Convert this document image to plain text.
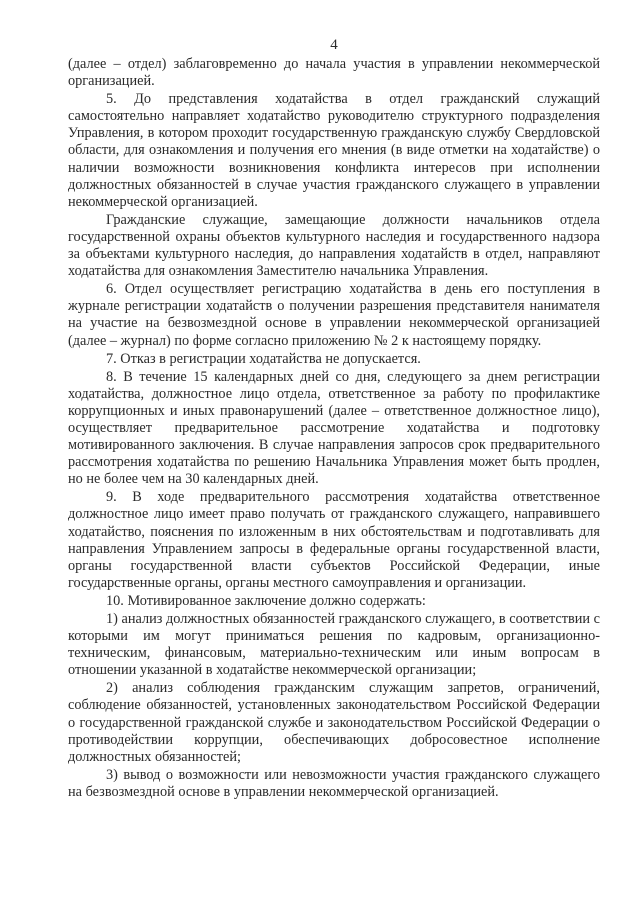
4

(далее – отдел) заблаговременно до начала участия в управлении некоммерческой организацией.

5. До представления ходатайства в отдел гражданский служащий самостоятельно направляет ходатайство руководителю структурного подразделения Управления, в котором проходит государственную гражданскую службу Свердловской области, для ознакомления и получения его мнения (в виде отметки на ходатайстве) о наличии возможности возникновения конфликта интересов при исполнении должностных обязанностей в случае участия гражданского служащего в управлении некоммерческой организацией.

Гражданские служащие, замещающие должности начальников отдела государственной охраны объектов культурного наследия и государственного надзора за объектами культурного наследия, до направления ходатайств в отдел, направляют ходатайства для ознакомления Заместителю начальника Управления.

6. Отдел осуществляет регистрацию ходатайства в день его поступления в журнале регистрации ходатайств о получении разрешения представителя нанимателя на участие на безвозмездной основе в управлении некоммерческой организацией (далее – журнал) по форме согласно приложению № 2 к настоящему порядку.

7. Отказ в регистрации ходатайства не допускается.

8. В течение 15 календарных дней со дня, следующего за днем регистрации ходатайства, должностное лицо отдела, ответственное за работу по профилактике коррупционных и иных правонарушений (далее – ответственное должностное лицо), осуществляет предварительное рассмотрение ходатайства и подготовку мотивированного заключения. В случае направления запросов срок предварительного рассмотрения ходатайства по решению Начальника Управления может быть продлен, но не более чем на 30 календарных дней.

9. В ходе предварительного рассмотрения ходатайства ответственное должностное лицо имеет право получать от гражданского служащего, направившего ходатайство, пояснения по изложенным в них обстоятельствам и подготавливать для направления Управлением запросы в федеральные органы государственной власти, органы государственной власти субъектов Российской Федерации, иные государственные органы, органы местного самоуправления и организации.

10. Мотивированное заключение должно содержать:

1) анализ должностных обязанностей гражданского служащего, в соответствии с которыми им могут приниматься решения по кадровым, организационно-техническим, финансовым, материально-техническим или иным вопросам в отношении указанной в ходатайстве некоммерческой организации;

2) анализ соблюдения гражданским служащим запретов, ограничений, соблюдение обязанностей, установленных законодательством Российской Федерации о государственной гражданской службе и законодательством Российской Федерации о противодействии коррупции, обеспечивающих добросовестное исполнение должностных обязанностей;

3) вывод о возможности или невозможности участия гражданского служащего на безвозмездной основе в управлении некоммерческой организацией.
